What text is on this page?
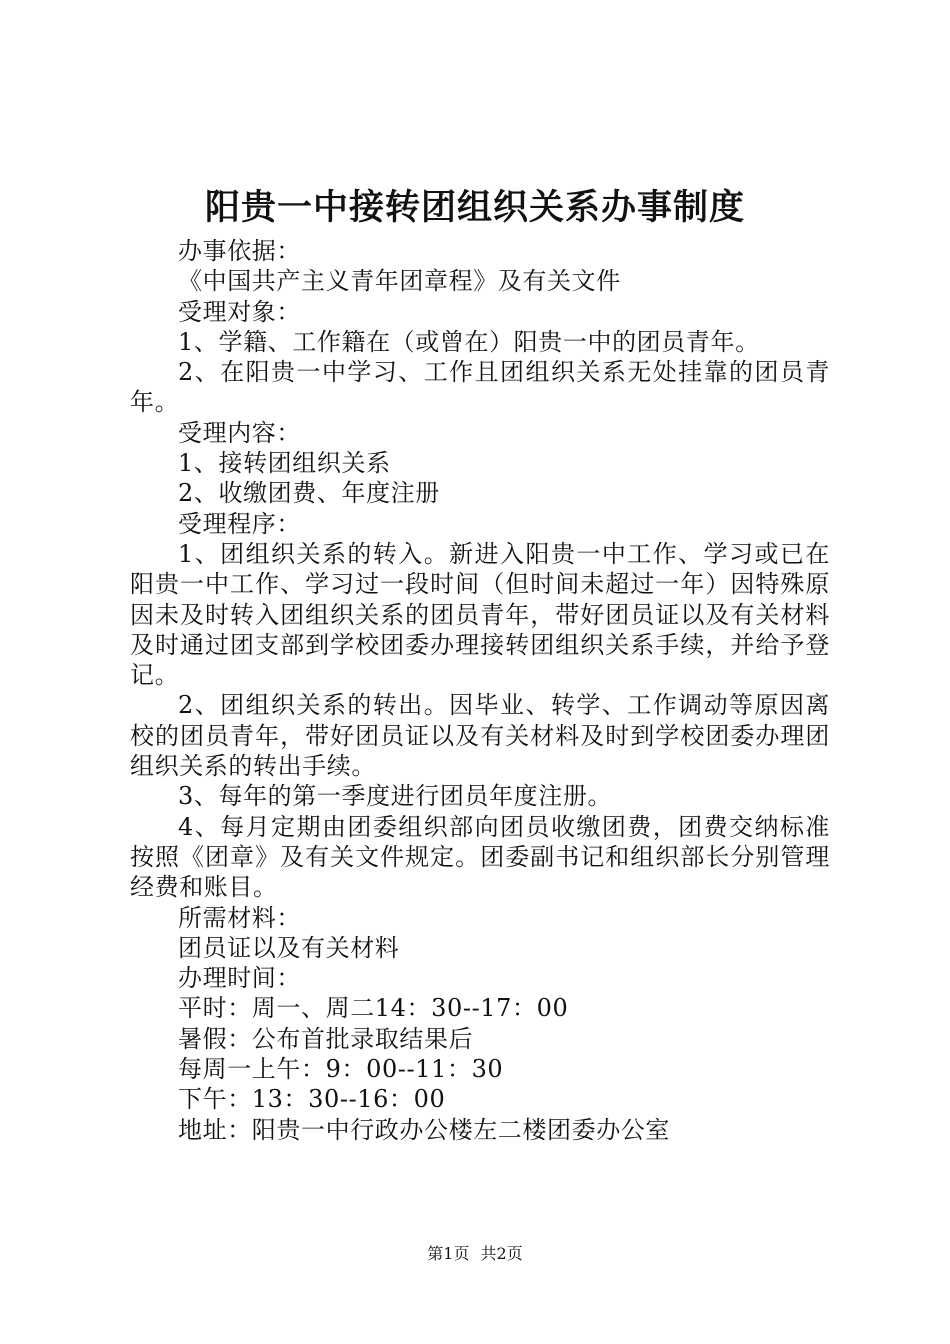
阳贵一中接转团组织关系办事制度

办事依据：

《中国共产主义青年团章程》及有关文件

受理对象：

1、学籍、工作籍在（或曾在）阳贵一中的团员青年。

2、在阳贵一中学习、工作且团组织关系无处挂靠的团员青年。

受理内容：

1、接转团组织关系

2、收缴团费、年度注册

受理程序：

1、团组织关系的转入。新进入阳贵一中工作、学习或已在阳贵一中工作、学习过一段时间（但时间未超过一年）因特殊原因未及时转入团组织关系的团员青年，带好团员证以及有关材料及时通过团支部到学校团委办理接转团组织关系手续，并给予登记。

2、团组织关系的转出。因毕业、转学、工作调动等原因离校的团员青年，带好团员证以及有关材料及时到学校团委办理团组织关系的转出手续。

3、每年的第一季度进行团员年度注册。

4、每月定期由团委组织部向团员收缴团费，团费交纳标准按照《团章》及有关文件规定。团委副书记和组织部长分别管理经费和账目。

所需材料：

团员证以及有关材料

办理时间：

平时：周一、周二14：30--17：00

暑假：公布首批录取结果后

每周一上午：9：00--11：30

下午：13：30--16：00

地址：阳贵一中行政办公楼左二楼团委办公室

第1页 共2页
